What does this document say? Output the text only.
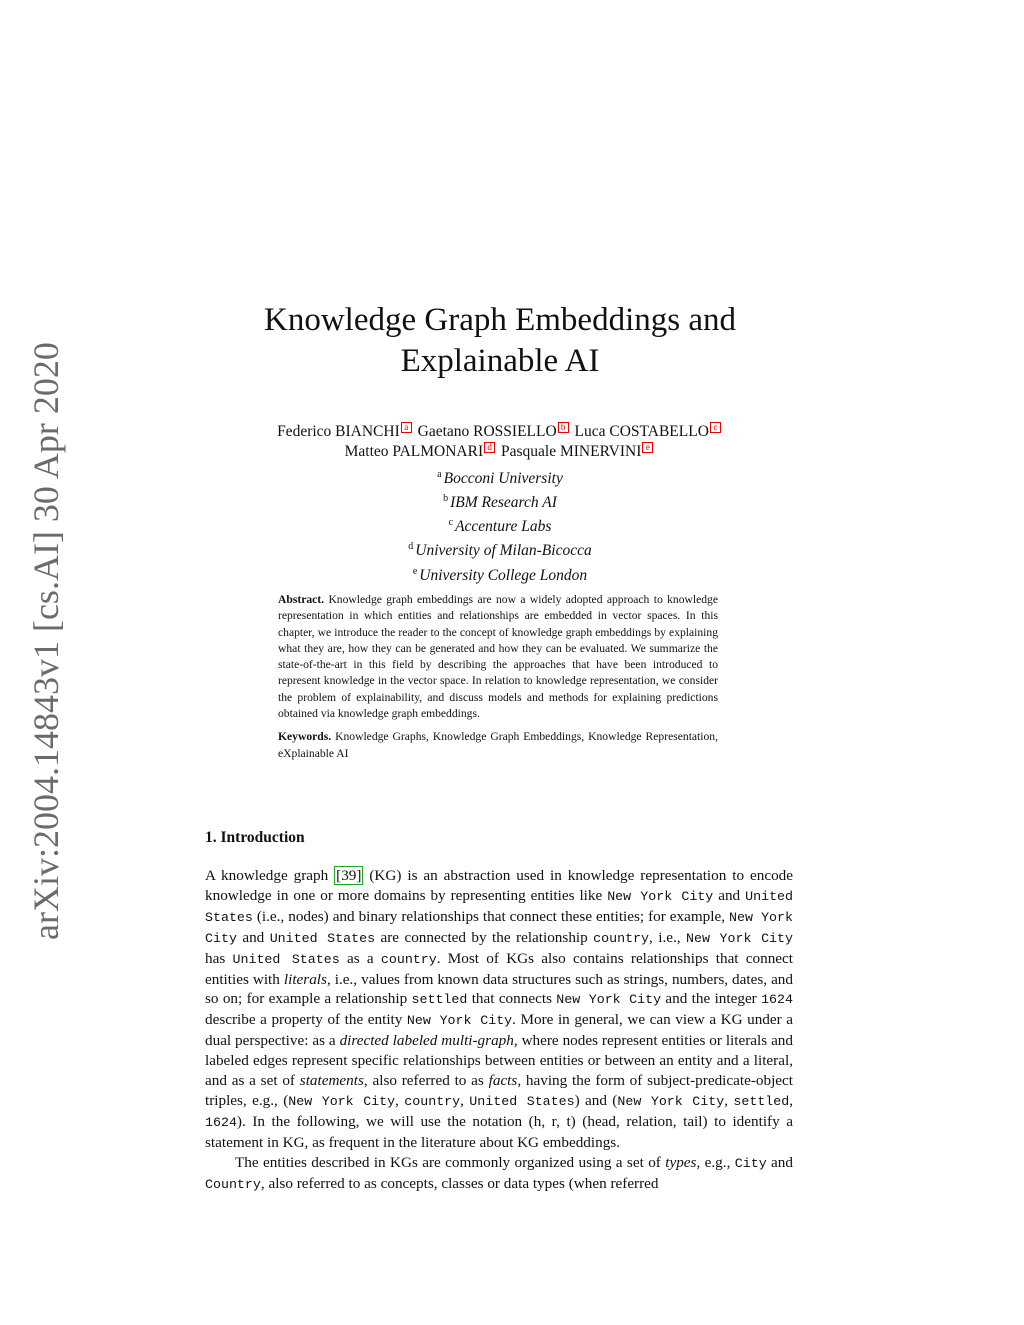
arXiv:2004.14843v1 [cs.AI] 30 Apr 2020
Knowledge Graph Embeddings and
Explainable AI
Federico BIANCHI a Gaetano ROSSIELLO b Luca COSTABELLO c
Matteo PALMONARI d Pasquale MINERVINI e
$^a$ Bocconi University
$^b$ IBM Research AI
$^c$ Accenture Labs
$^d$ University of Milan-Bicocca
$^e$ University College London

Abstract. Knowledge graph embeddings are now a widely adopted approach to knowledge representation in which entities and relationships are embedded in vector spaces. In this chapter, we introduce the reader to the concept of knowledge graph embeddings by explaining what they are, how they can be generated and how they can be evaluated. We summarize the state-of-the-art in this field by describing the approaches that have been introduced to represent knowledge in the vector space. In relation to knowledge representation, we consider the problem of explainability, and discuss models and methods for explaining predictions obtained via knowledge graph embeddings.

Keywords. Knowledge Graphs, Knowledge Graph Embeddings, Knowledge Representation, eXplainable AI

1. Introduction

A knowledge graph [39] (KG) is an abstraction used in knowledge representation to encode knowledge in one or more domains by representing entities like New York City and United States (i.e., nodes) and binary relationships that connect these entities; for example, New York City and United States are connected by the relationship country, i.e., New York City has United States as a country. Most of KGs also contains relationships that connect entities with literals, i.e., values from known data structures such as strings, numbers, dates, and so on; for example a relationship settled that connects New York City and the integer 1624 describe a property of the entity New York City. More in general, we can view a KG under a dual perspective: as a directed labeled multi-graph, where nodes represent entities or literals and labeled edges represent specific relationships between entities or between an entity and a literal, and as a set of statements, also referred to as facts, having the form of subject-predicate-object triples, e.g., (New York City, country, United States) and (New York City, settled, 1624). In the following, we will use the notation (h, r, t) (head, relation, tail) to identify a statement in KG, as frequent in the literature about KG embeddings.

The entities described in KGs are commonly organized using a set of types, e.g., City and Country, also referred to as concepts, classes or data types (when referred
